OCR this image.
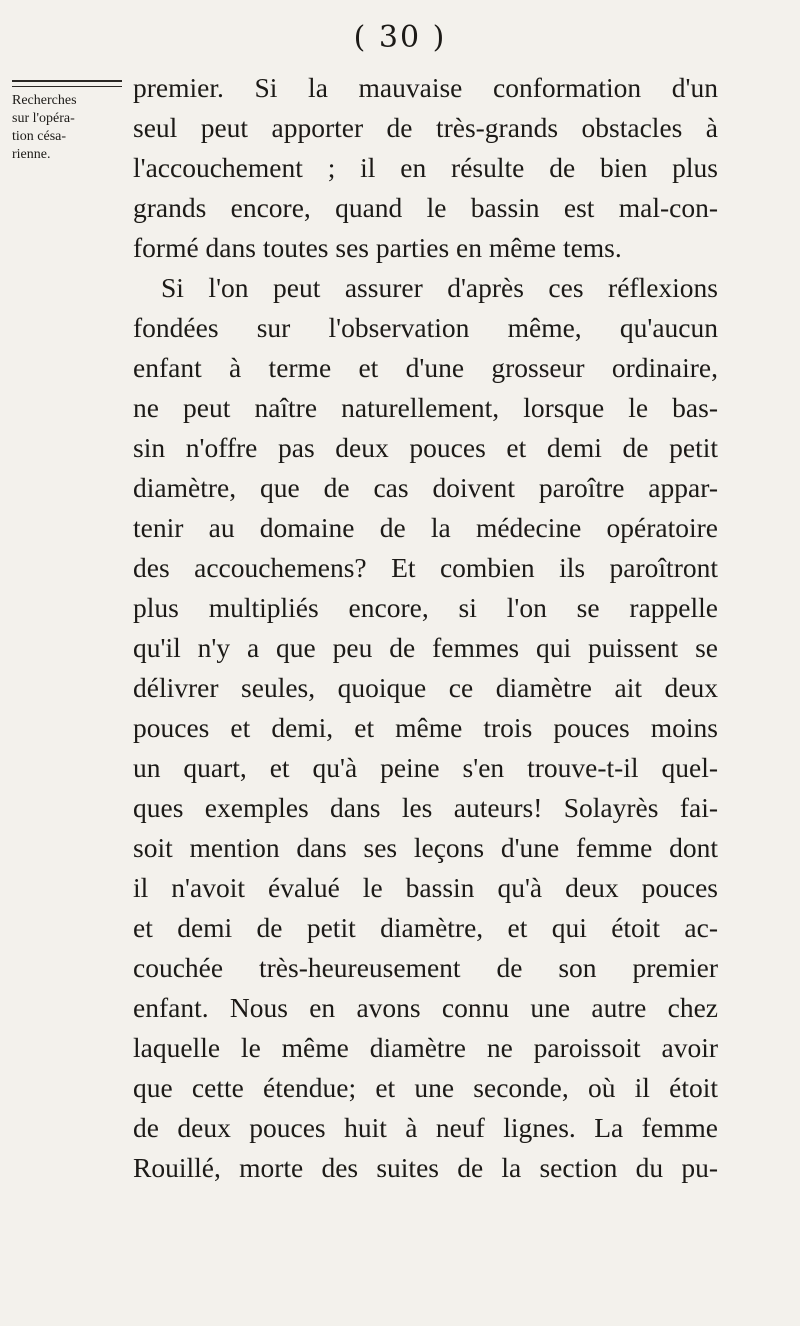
( 30 )
Recherches
sur l'opéra-
tion césa-
rienne.
premier. Si la mauvaise conformation d'un
seul peut apporter de très-grands obstacles à
l'accouchement ; il en résulte de bien plus
grands encore, quand le bassin est mal-con-
formé dans toutes ses parties en même tems.
Si l'on peut assurer d'après ces réflexions
fondées sur l'observation même, qu'aucun
enfant à terme et d'une grosseur ordinaire,
ne peut naître naturellement, lorsque le bas-
sin n'offre pas deux pouces et demi de petit
diamètre, que de cas doivent paroître appar-
tenir au domaine de la médecine opératoire
des accouchemens? Et combien ils paroîtront
plus multipliés encore, si l'on se rappelle
qu'il n'y a que peu de femmes qui puissent se
délivrer seules, quoique ce diamètre ait deux
pouces et demi, et même trois pouces moins
un quart, et qu'à peine s'en trouve-t-il quel-
ques exemples dans les auteurs! Solayrès fai-
soit mention dans ses leçons d'une femme dont
il n'avoit évalué le bassin qu'à deux pouces
et demi de petit diamètre, et qui étoit ac-
couchée très-heureusement de son premier
enfant. Nous en avons connu une autre chez
laquelle le même diamètre ne paroissoit avoir
que cette étendue; et une seconde, où il étoit
de deux pouces huit à neuf lignes. La femme
Rouillé, morte des suites de la section du pu-
